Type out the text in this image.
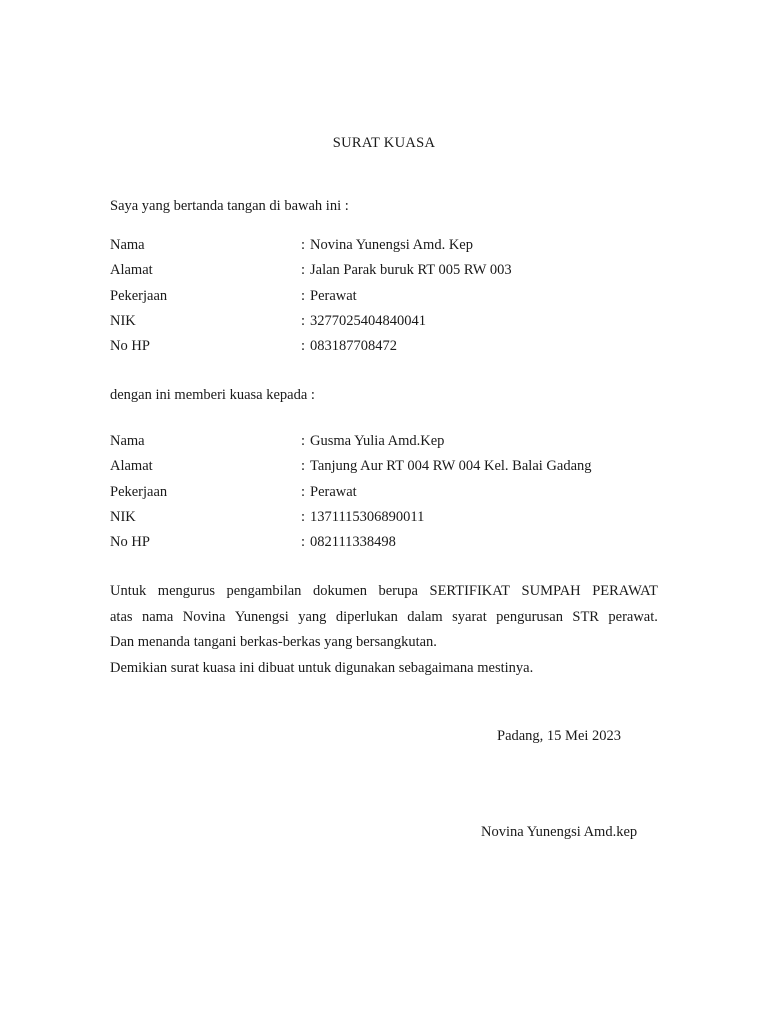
SURAT KUASA
Saya yang bertanda tangan di bawah ini :
Nama	: Novina Yunengsi Amd. Kep
Alamat	: Jalan Parak buruk RT 005 RW 003
Pekerjaan	: Perawat
NIK	: 3277025404840041
No HP	: 083187708472
dengan ini memberi kuasa kepada :
Nama	: Gusma Yulia Amd.Kep
Alamat	: Tanjung Aur RT 004 RW 004 Kel. Balai Gadang
Pekerjaan	: Perawat
NIK	: 1371115306890011
No HP	: 082111338498
Untuk mengurus pengambilan dokumen berupa SERTIFIKAT SUMPAH PERAWAT
atas nama Novina Yunengsi yang diperlukan dalam syarat pengurusan STR perawat.
Dan menanda tangani berkas-berkas yang bersangkutan.
Demikian surat kuasa ini dibuat untuk digunakan sebagaimana mestinya.
Padang, 15 Mei 2023
Novina Yunengsi Amd.kep
